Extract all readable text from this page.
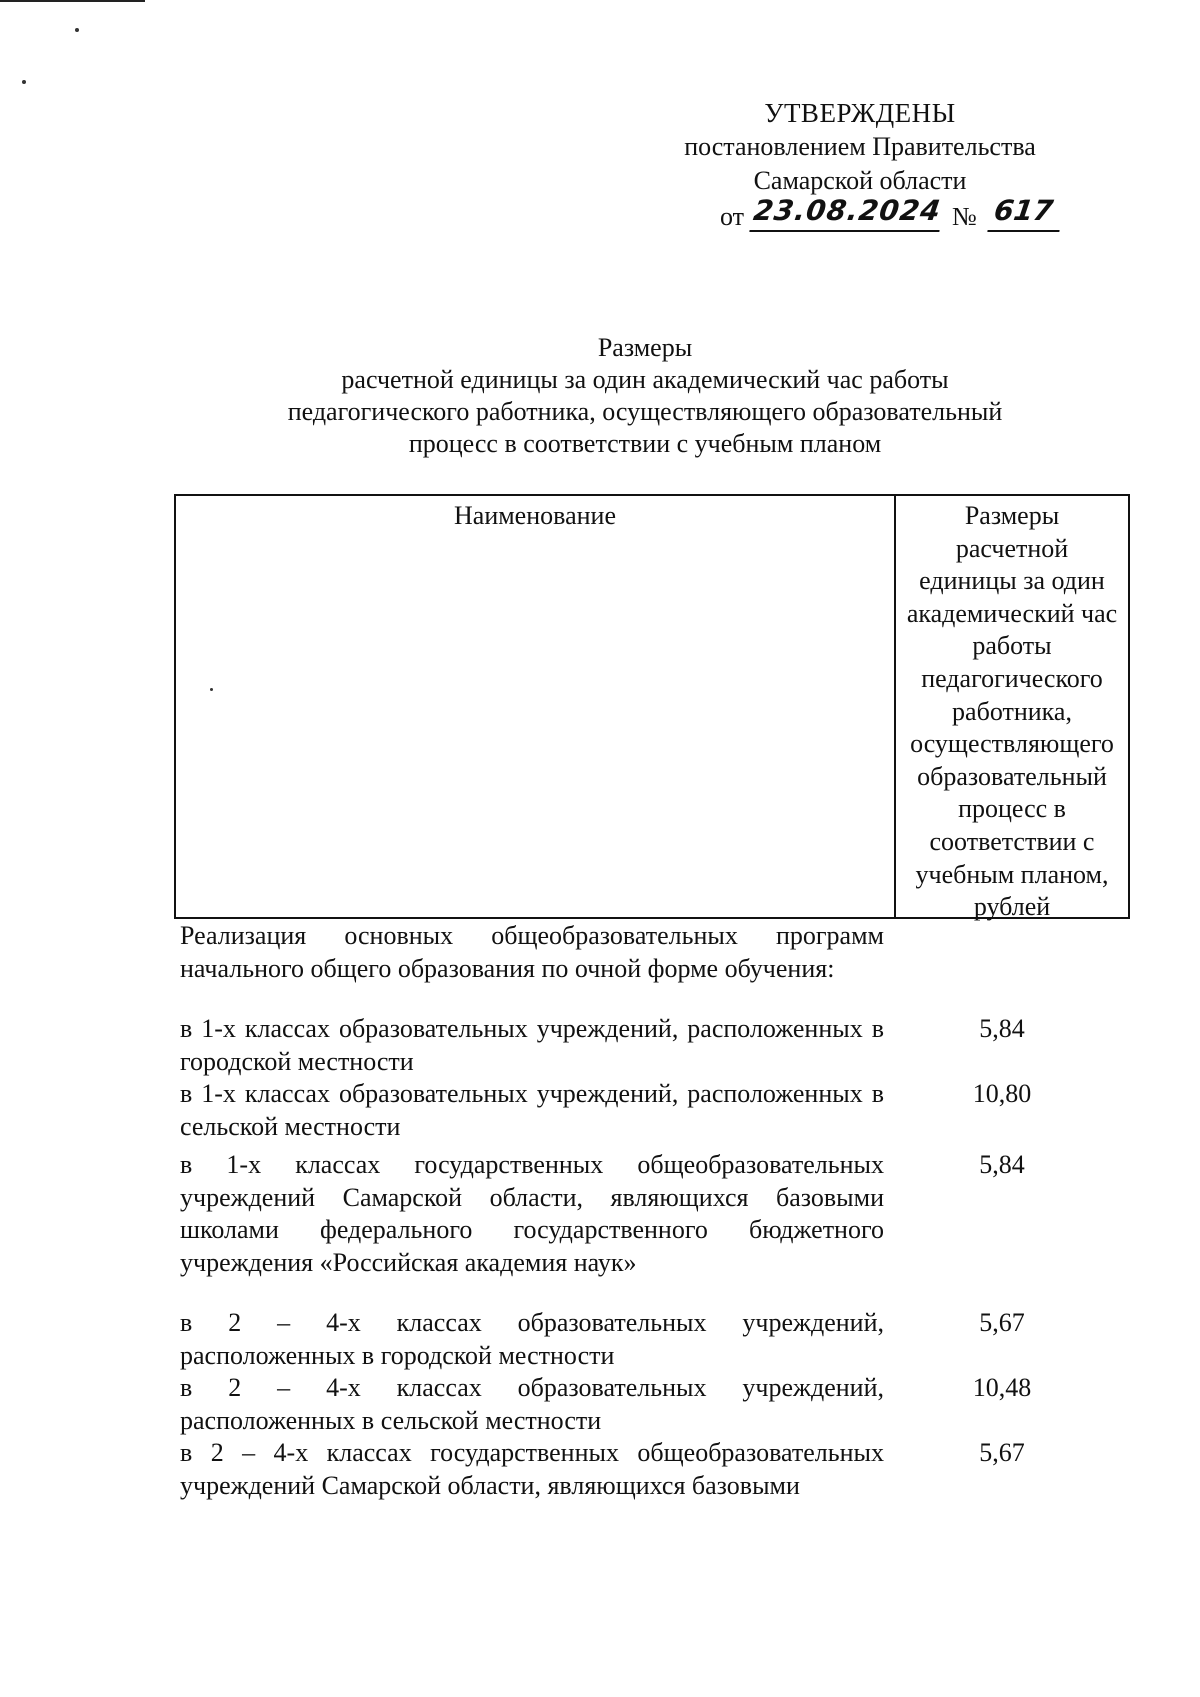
УТВЕРЖДЕНЫ
постановлением Правительства
Самарской области
от 23.08.2024 № 617
Размеры
расчетной единицы за один академический час работы
педагогического работника, осуществляющего образовательный
процесс в соответствии с учебным планом
Наименование	Размеры
расчетной
единицы за один
академический час
работы
педагогического
работника,
осуществляющего
образовательный
процесс в
соответствии с
учебным планом,
рублей
Реализация основных общеобразовательных программ начального общего образования по очной форме обучения:
в 1-х классах образовательных учреждений, расположенных в городской местности
5,84
в 1-х классах образовательных учреждений, расположенных в сельской местности
10,80
в 1-х классах государственных общеобразовательных учреждений Самарской области, являющихся базовыми школами федерального государственного бюджетного учреждения «Российская академия наук»
5,84
в 2 – 4-х классах образовательных учреждений, расположенных в городской местности
5,67
в 2 – 4-х классах образовательных учреждений, расположенных в сельской местности
10,48
в 2 – 4-х классах государственных общеобразовательных учреждений Самарской области, являющихся базовыми
5,67
